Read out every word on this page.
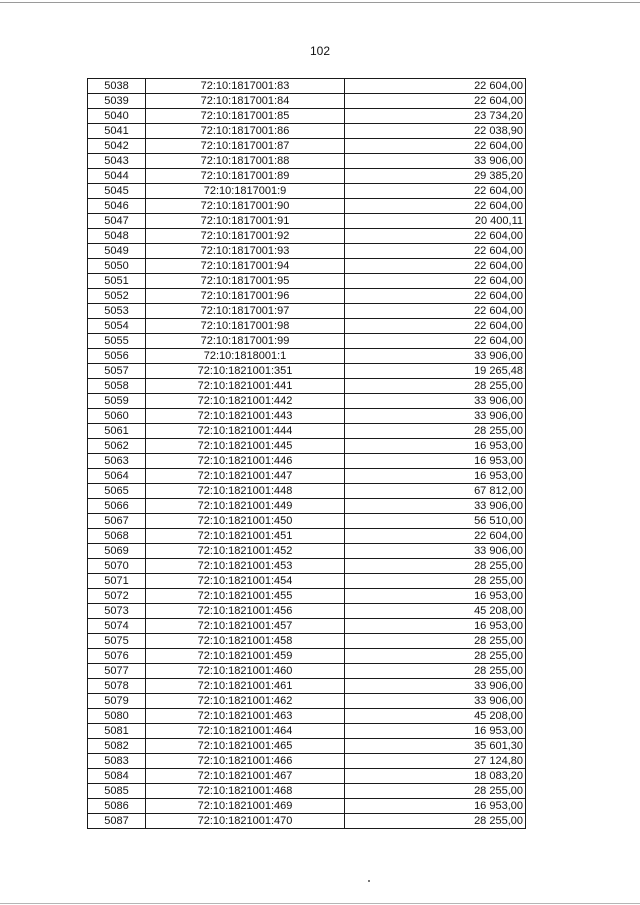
102
5038	72:10:1817001:83	22 604,00
5039	72:10:1817001:84	22 604,00
5040	72:10:1817001:85	23 734,20
5041	72:10:1817001:86	22 038,90
5042	72:10:1817001:87	22 604,00
5043	72:10:1817001:88	33 906,00
5044	72:10:1817001:89	29 385,20
5045	72:10:1817001:9	22 604,00
5046	72:10:1817001:90	22 604,00
5047	72:10:1817001:91	20 400,11
5048	72:10:1817001:92	22 604,00
5049	72:10:1817001:93	22 604,00
5050	72:10:1817001:94	22 604,00
5051	72:10:1817001:95	22 604,00
5052	72:10:1817001:96	22 604,00
5053	72:10:1817001:97	22 604,00
5054	72:10:1817001:98	22 604,00
5055	72:10:1817001:99	22 604,00
5056	72:10:1818001:1	33 906,00
5057	72:10:1821001:351	19 265,48
5058	72:10:1821001:441	28 255,00
5059	72:10:1821001:442	33 906,00
5060	72:10:1821001:443	33 906,00
5061	72:10:1821001:444	28 255,00
5062	72:10:1821001:445	16 953,00
5063	72:10:1821001:446	16 953,00
5064	72:10:1821001:447	16 953,00
5065	72:10:1821001:448	67 812,00
5066	72:10:1821001:449	33 906,00
5067	72:10:1821001:450	56 510,00
5068	72:10:1821001:451	22 604,00
5069	72:10:1821001:452	33 906,00
5070	72:10:1821001:453	28 255,00
5071	72:10:1821001:454	28 255,00
5072	72:10:1821001:455	16 953,00
5073	72:10:1821001:456	45 208,00
5074	72:10:1821001:457	16 953,00
5075	72:10:1821001:458	28 255,00
5076	72:10:1821001:459	28 255,00
5077	72:10:1821001:460	28 255,00
5078	72:10:1821001:461	33 906,00
5079	72:10:1821001:462	33 906,00
5080	72:10:1821001:463	45 208,00
5081	72:10:1821001:464	16 953,00
5082	72:10:1821001:465	35 601,30
5083	72:10:1821001:466	27 124,80
5084	72:10:1821001:467	18 083,20
5085	72:10:1821001:468	28 255,00
5086	72:10:1821001:469	16 953,00
5087	72:10:1821001:470	28 255,00
